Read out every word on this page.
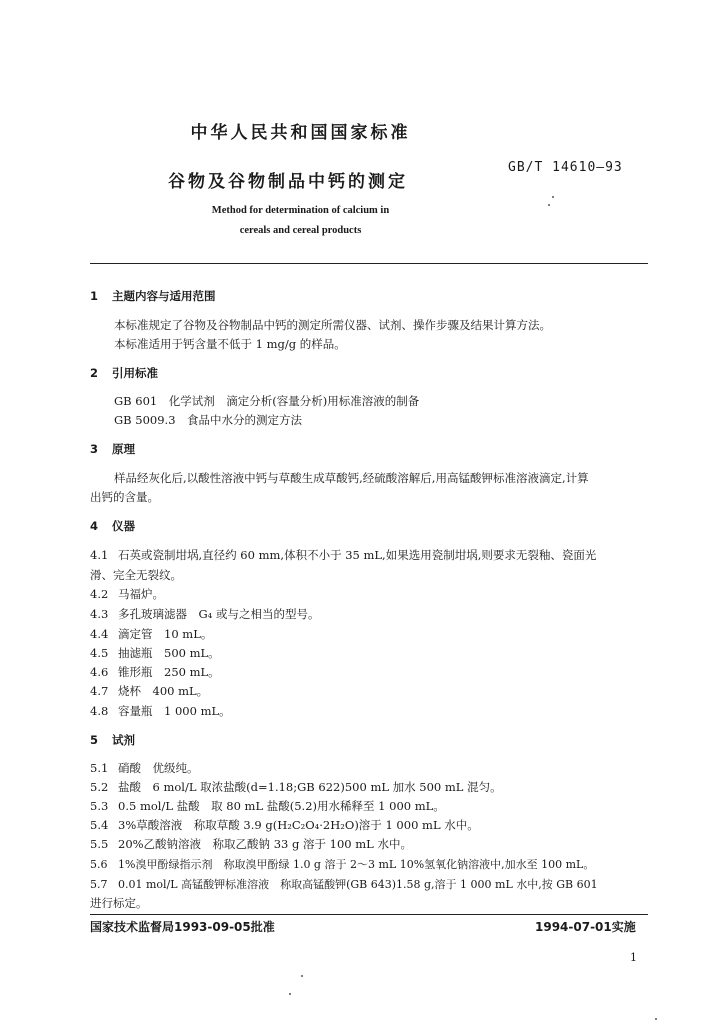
中华人民共和国国家标准
谷物及谷物制品中钙的测定
GB/T 14610—93
Method for determination of calcium in
cereals and cereal products
1 主题内容与适用范围
本标准规定了谷物及谷物制品中钙的测定所需仪器、试剂、操作步骤及结果计算方法。
本标准适用于钙含量不低于 1 mg/g 的样品。
2 引用标准
GB 601　化学试剂　滴定分析(容量分析)用标准溶液的制备
GB 5009.3　食品中水分的测定方法
3 原理
样品经灰化后,以酸性溶液中钙与草酸生成草酸钙,经硫酸溶解后,用高锰酸钾标准溶液滴定,计算
出钙的含量。
4 仪器
4.1 石英或瓷制坩埚,直径约 60 mm,体积不小于 35 mL,如果选用瓷制坩埚,则要求无裂釉、瓷面光
滑、完全无裂纹。
4.2 马福炉。
4.3 多孔玻璃滤器　G₄ 或与之相当的型号。
4.4 滴定管　10 mL。
4.5 抽滤瓶　500 mL。
4.6 锥形瓶　250 mL。
4.7 烧杯　400 mL。
4.8 容量瓶　1 000 mL。
5 试剂
5.1 硝酸　优级纯。
5.2 盐酸　6 mol/L 取浓盐酸(d=1.18;GB 622)500 mL 加水 500 mL 混匀。
5.3 0.5 mol/L 盐酸　取 80 mL 盐酸(5.2)用水稀释至 1 000 mL。
5.4 3%草酸溶液　称取草酸 3.9 g(H₂C₂O₄·2H₂O)溶于 1 000 mL 水中。
5.5 20%乙酸钠溶液　称取乙酸钠 33 g 溶于 100 mL 水中。
5.6 1%溴甲酚绿指示剂　称取溴甲酚绿 1.0 g 溶于 2～3 mL 10%氢氧化钠溶液中,加水至 100 mL。
5.7 0.01 mol/L 高锰酸钾标准溶液　称取高锰酸钾(GB 643)1.58 g,溶于 1 000 mL 水中,按 GB 601
进行标定。
国家技术监督局1993-09-05批准	1994-07-01实施
1
